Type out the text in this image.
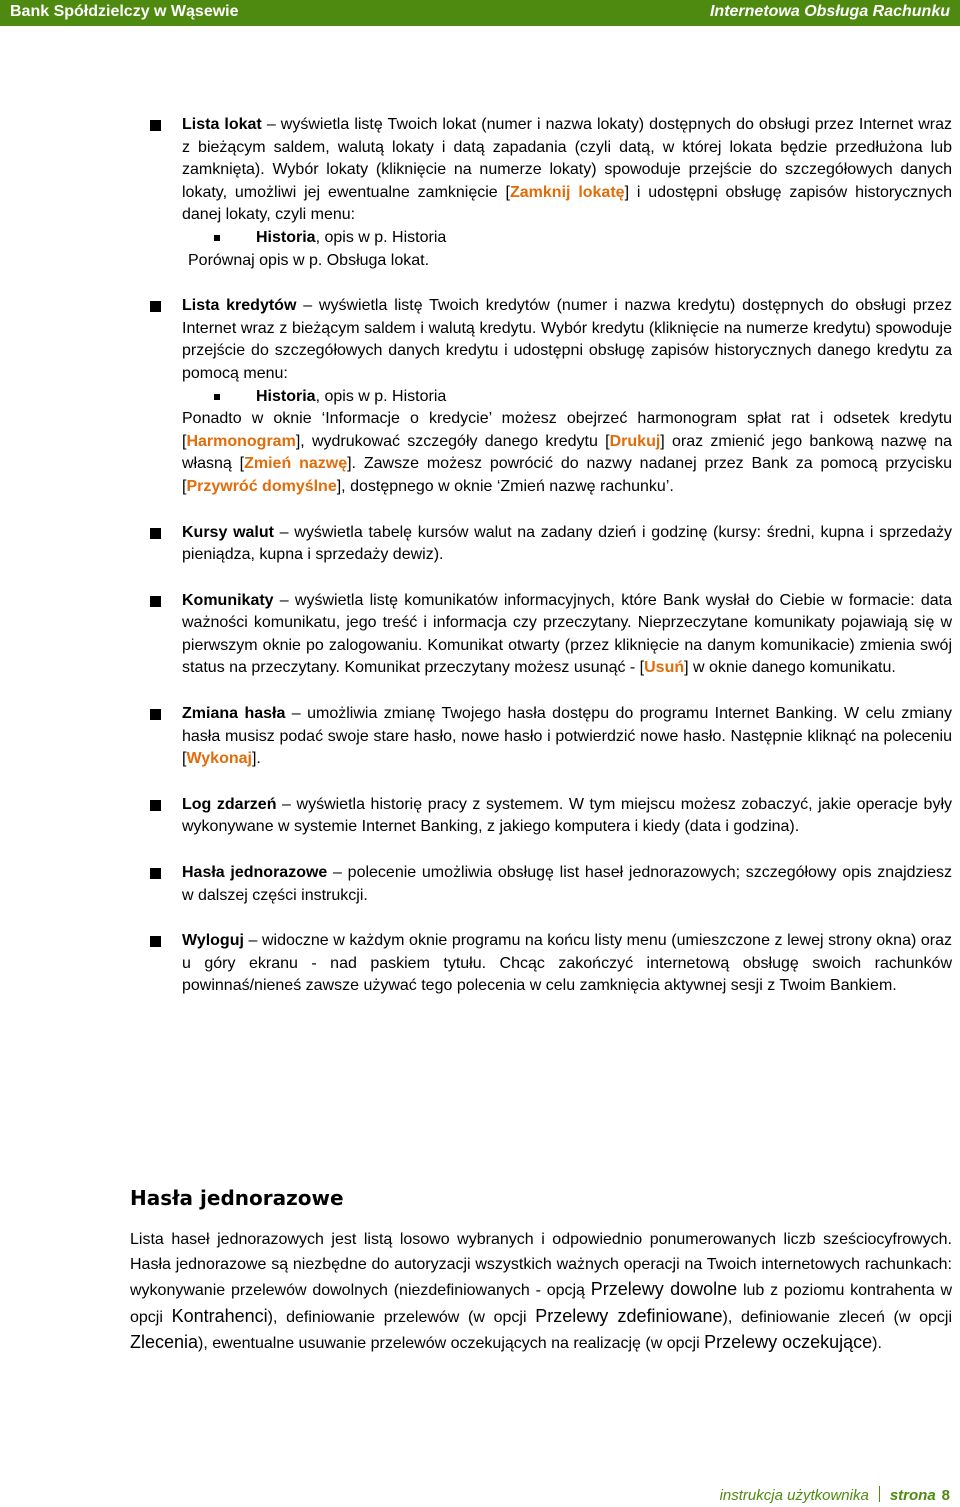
Bank Spółdzielczy w Wąsewie	Internetowa Obsługa Rachunku
Lista lokat – wyświetla listę Twoich lokat (numer i nazwa lokaty) dostępnych do obsługi przez Internet wraz z bieżącym saldem, walutą lokaty i datą zapadania (czyli datą, w której lokata będzie przedłużona lub zamknięta). Wybór lokaty (kliknięcie na numerze lokaty) spowoduje przejście do szczegółowych danych lokaty, umożliwi jej ewentualne zamknięcie [Zamknij lokatę] i udostępni obsługę zapisów historycznych danej lokaty, czyli menu:
Historia, opis w p. Historia
Porównaj opis w p. Obsługa lokat.
Lista kredytów – wyświetla listę Twoich kredytów (numer i nazwa kredytu) dostępnych do obsługi przez Internet wraz z bieżącym saldem i walutą kredytu. Wybór kredytu (kliknięcie na numerze kredytu) spowoduje przejście do szczegółowych danych kredytu i udostępni obsługę zapisów historycznych danego kredytu za pomocą menu:
Historia, opis w p. Historia
Ponadto w oknie ‘Informacje o kredycie’ możesz obejrzeć harmonogram spłat rat i odsetek kredytu [Harmonogram], wydrukować szczegóły danego kredytu [Drukuj] oraz zmienić jego bankową nazwę na własną [Zmień nazwę]. Zawsze możesz powrócić do nazwy nadanej przez Bank za pomocą przycisku [Przywróć domyślne], dostępnego w oknie ‘Zmień nazwę rachunku’.
Kursy walut – wyświetla tabelę kursów walut na zadany dzień i godzinę (kursy: średni, kupna i sprzedaży pieniądza, kupna i sprzedaży dewiz).
Komunikaty – wyświetla listę komunikatów informacyjnych, które Bank wysłał do Ciebie w formacie: data ważności komunikatu, jego treść i informacja czy przeczytany. Nieprzeczytane komunikaty pojawiają się w pierwszym oknie po zalogowaniu. Komunikat otwarty (przez kliknięcie na danym komunikacie) zmienia swój status na przeczytany. Komunikat przeczytany możesz usunąć - [Usuń] w oknie danego komunikatu.
Zmiana hasła – umożliwia zmianę Twojego hasła dostępu do programu Internet Banking. W celu zmiany hasła musisz podać swoje stare hasło, nowe hasło i potwierdzić nowe hasło. Następnie kliknąć na poleceniu [Wykonaj].
Log zdarzeń – wyświetla historię pracy z systemem. W tym miejscu możesz zobaczyć, jakie operacje były wykonywane w systemie Internet Banking, z jakiego komputera i kiedy (data i godzina).
Hasła jednorazowe – polecenie umożliwia obsługę list haseł jednorazowych; szczegółowy opis znajdziesz w dalszej części instrukcji.
Wyloguj – widoczne w każdym oknie programu na końcu listy menu (umieszczone z lewej strony okna) oraz u góry ekranu - nad paskiem tytułu. Chcąc zakończyć internetową obsługę swoich rachunków powinnaś/nieneś zawsze używać tego polecenia w celu zamknięcia aktywnej sesji z Twoim Bankiem.
Hasła jednorazowe
Lista haseł jednorazowych jest listą losowo wybranych i odpowiednio ponumerowanych liczb sześciocyfrowych. Hasła jednorazowe są niezbędne do autoryzacji wszystkich ważnych operacji na Twoich internetowych rachunkach: wykonywanie przelewów dowolnych (niezdefiniowanych - opcją Przelewy dowolne lub z poziomu kontrahenta w opcji Kontrahenci), definiowanie przelewów (w opcji Przelewy zdefiniowane), definiowanie zleceń (w opcji Zlecenia), ewentualne usuwanie przelewów oczekujących na realizację (w opcji Przelewy oczekujące).
instrukcja użytkownika strona 8
